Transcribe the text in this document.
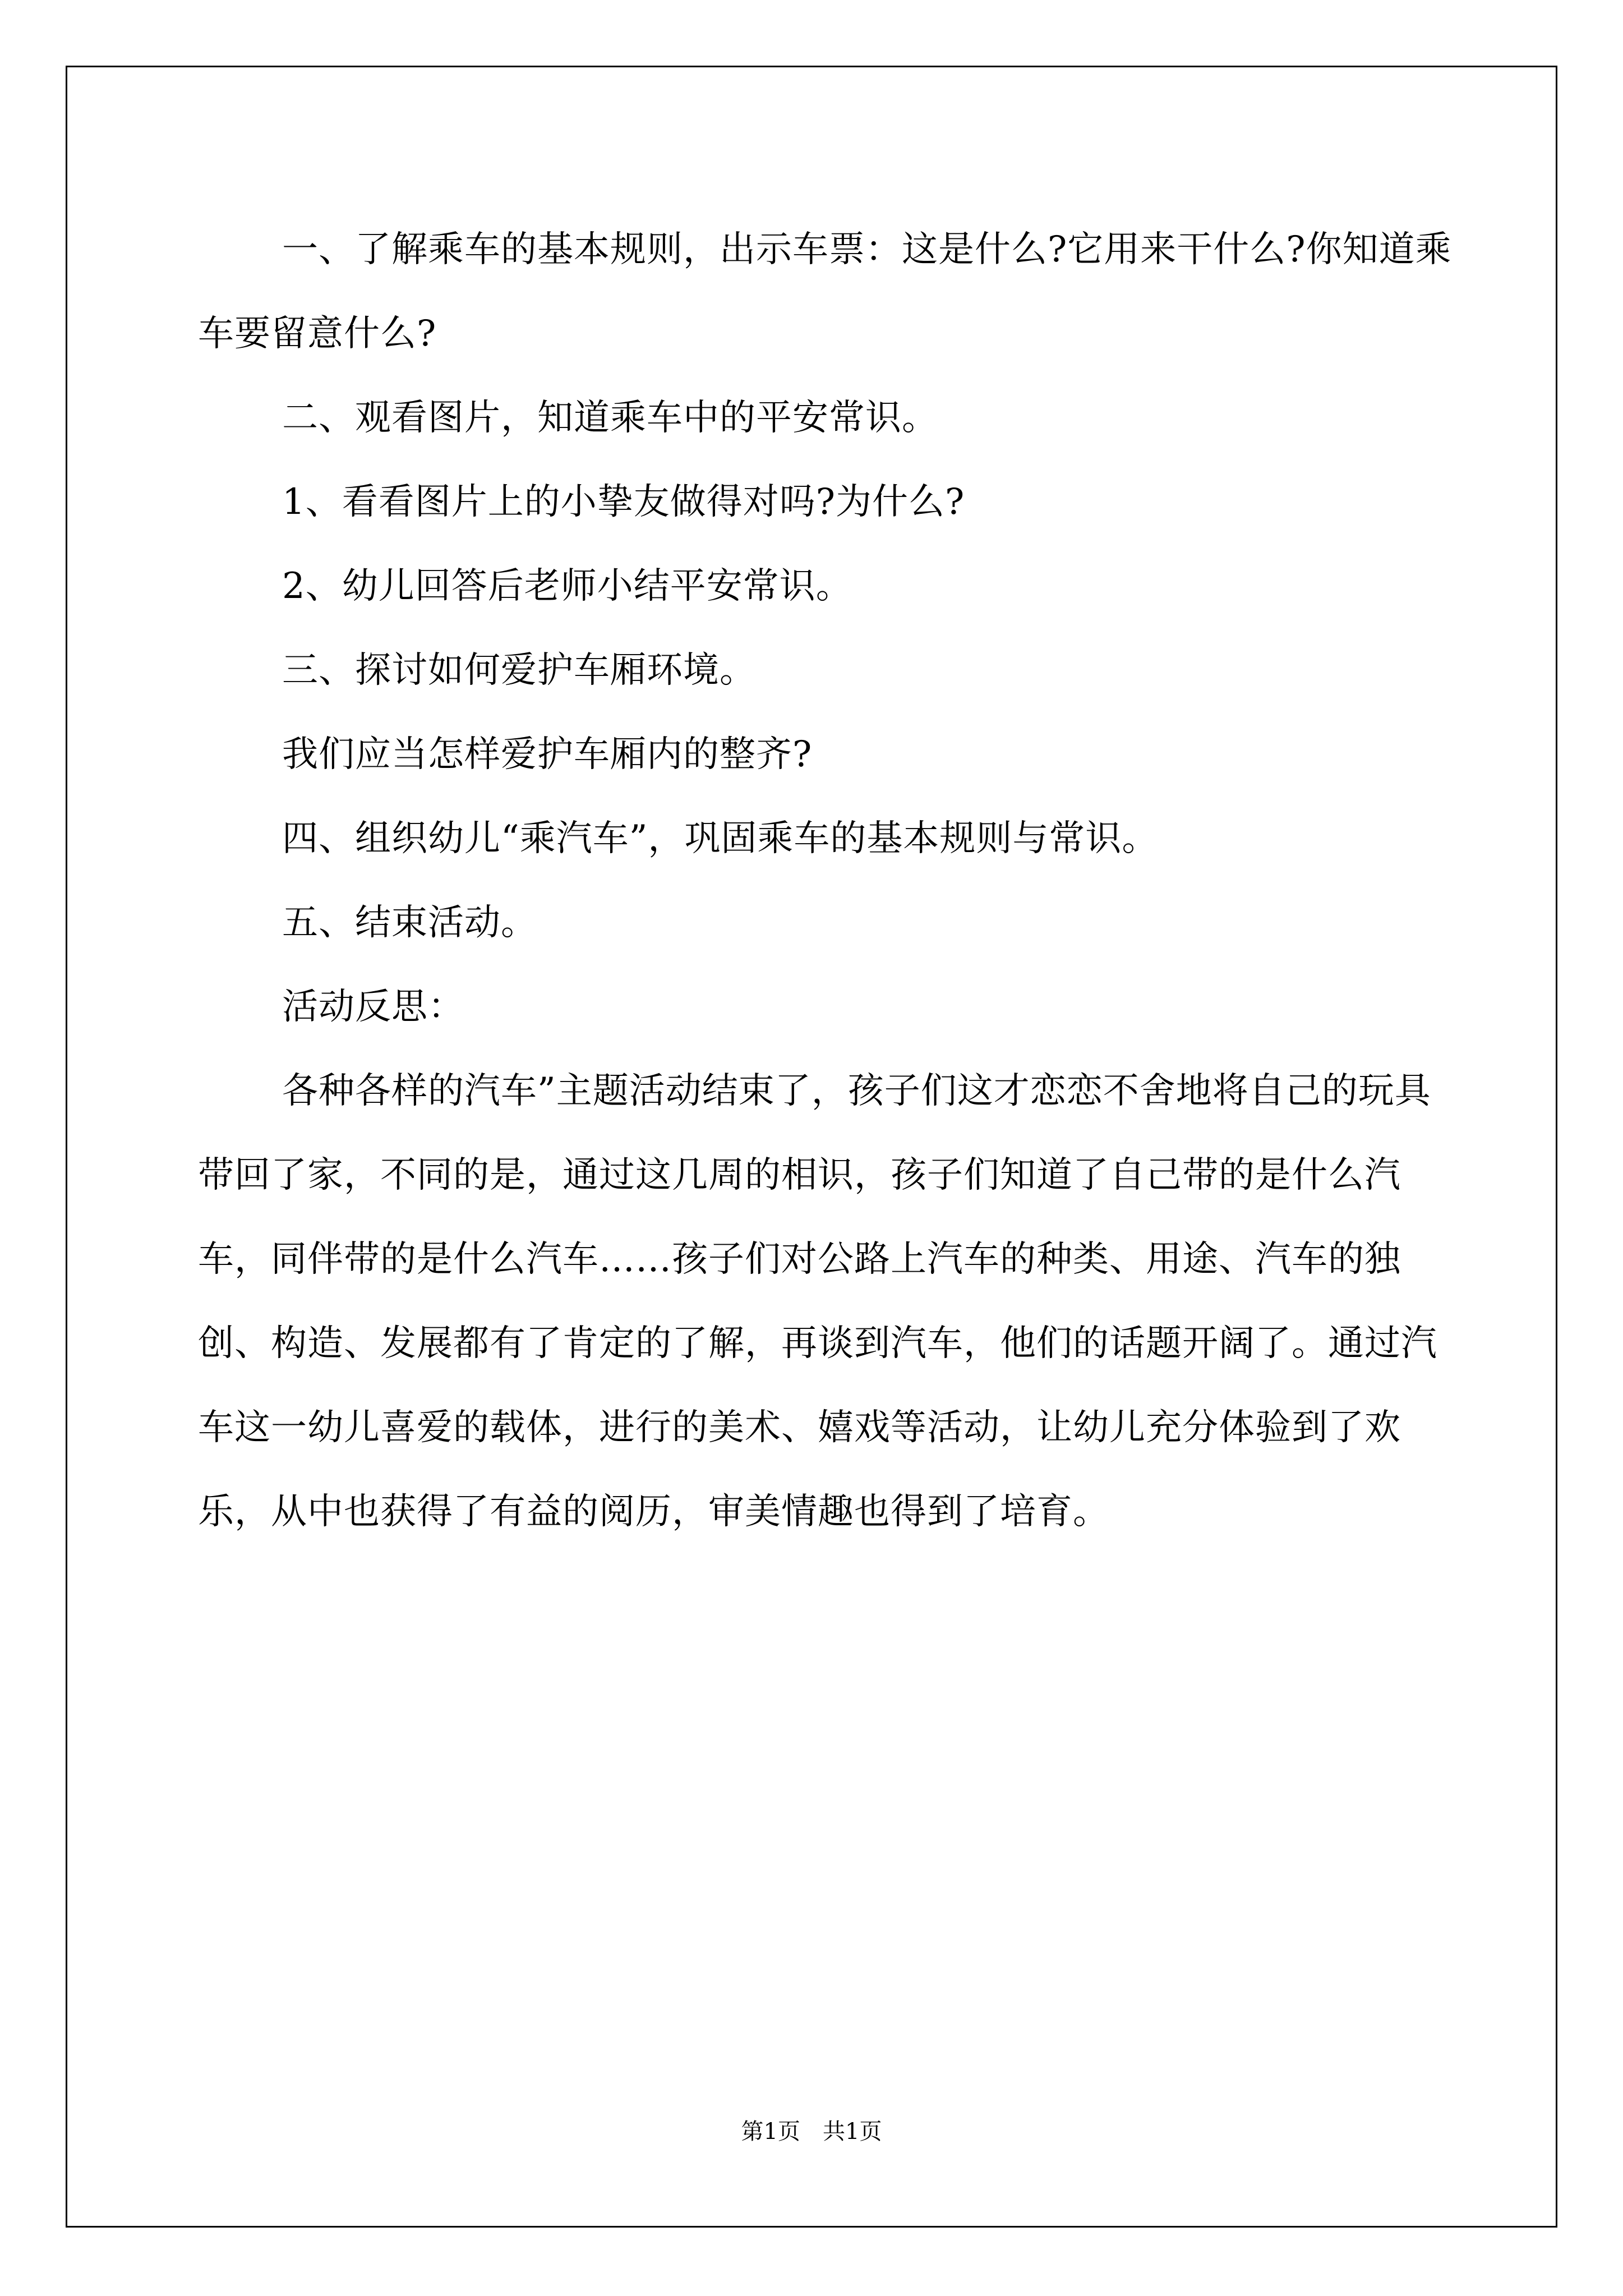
一、了解乘车的基本规则，出示车票：这是什么?它用来干什么?你知道乘车要留意什么?

二、观看图片，知道乘车中的平安常识。

1、看看图片上的小挚友做得对吗?为什么?

2、幼儿回答后老师小结平安常识。

三、探讨如何爱护车厢环境。

我们应当怎样爱护车厢内的整齐?

四、组织幼儿“乘汽车”，巩固乘车的基本规则与常识。

五、结束活动。

活动反思：

各种各样的汽车”主题活动结束了，孩子们这才恋恋不舍地将自己的玩具带回了家，不同的是，通过这几周的相识，孩子们知道了自己带的是什么汽车，同伴带的是什么汽车……孩子们对公路上汽车的种类、用途、汽车的独创、构造、发展都有了肯定的了解，再谈到汽车，他们的话题开阔了。通过汽车这一幼儿喜爱的载体，进行的美术、嬉戏等活动，让幼儿充分体验到了欢乐，从中也获得了有益的阅历，审美情趣也得到了培育。

第1页 共1页
